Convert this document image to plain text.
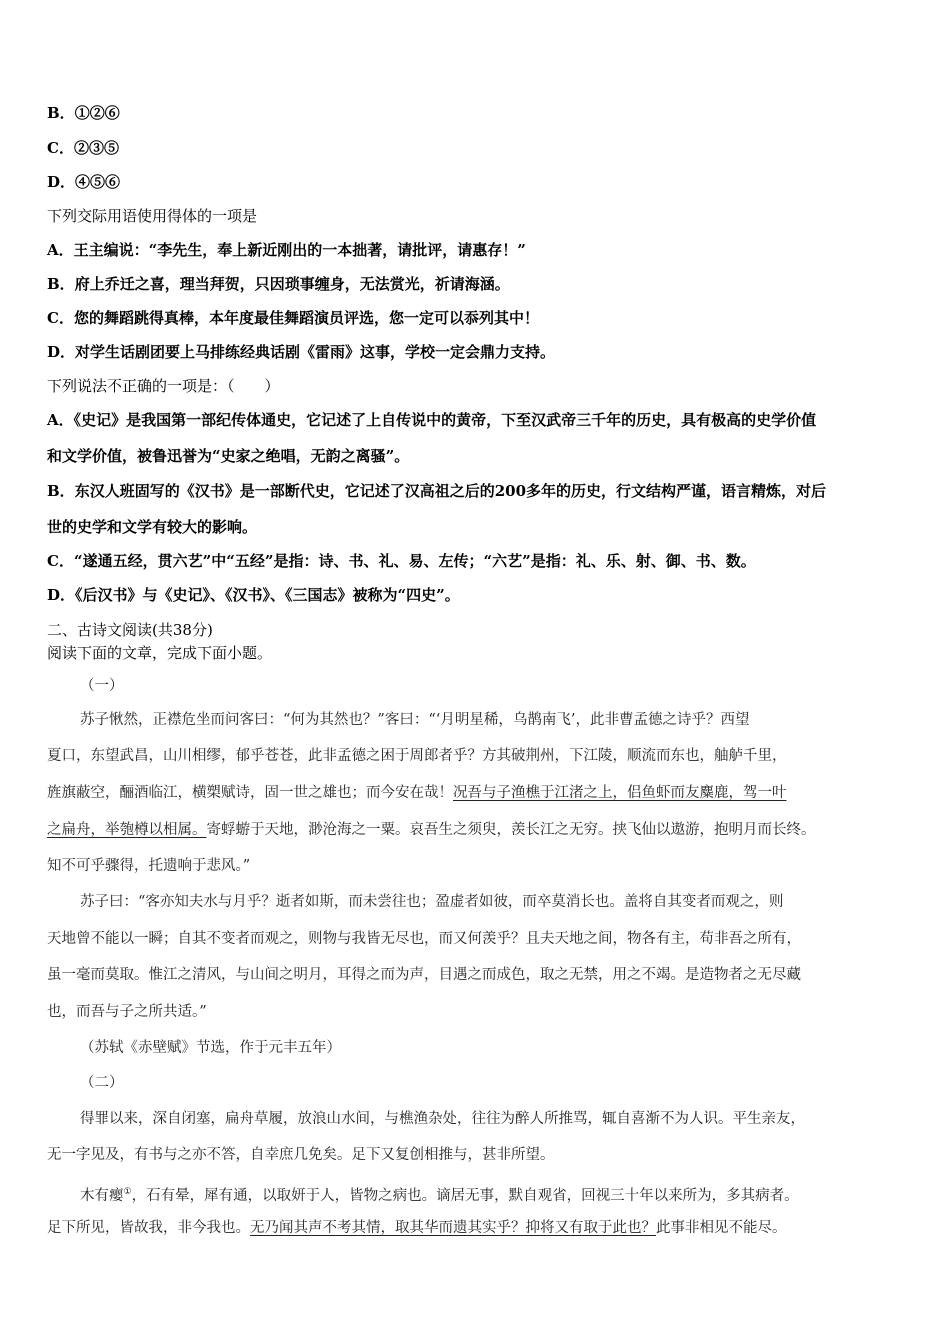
B．①②⑥
C．②③⑤
D．④⑤⑥
下列交际用语使用得体的一项是
A．王主编说：“李先生，奉上新近刚出的一本拙著，请批评，请惠存！”
B．府上乔迁之喜，理当拜贺，只因琐事缠身，无法赏光，祈请海涵。
C．您的舞蹈跳得真棒，本年度最佳舞蹈演员评选，您一定可以忝列其中！
D．对学生话剧团要上马排练经典话剧《雷雨》这事，学校一定会鼎力支持。
下列说法不正确的一项是：（　　）
A．《史记》是我国第一部纪传体通史，它记述了上自传说中的黄帝，下至汉武帝三千年的历史，具有极高的史学价值
和文学价值，被鲁迅誉为“史家之绝唱，无韵之离骚”。
B．东汉人班固写的《汉书》是一部断代史，它记述了汉高祖之后的200多年的历史，行文结构严谨，语言精炼，对后
世的史学和文学有较大的影响。
C．“遂通五经，贯六艺”中“五经”是指：诗、书、礼、易、左传；“六艺”是指：礼、乐、射、御、书、数。
D．《后汉书》与《史记》、《汉书》、《三国志》被称为“四史”。
二、古诗文阅读(共38分)
阅读下面的文章，完成下面小题。
（一）
苏子愀然，正襟危坐而问客曰：“何为其然也？”客曰：“‘月明星稀，乌鹊南飞’，此非曹孟德之诗乎？西望
夏口，东望武昌，山川相缪，郁乎苍苍，此非孟德之困于周郎者乎？方其破荆州，下江陵，顺流而东也，舳舻千里，
旌旗蔽空，酾酒临江，横槊赋诗，固一世之雄也；而今安在哉！况吾与子渔樵于江渚之上，侣鱼虾而友麋鹿，驾一叶
之扁舟，举匏樽以相属。寄蜉蝣于天地，渺沧海之一粟。哀吾生之须臾，羡长江之无穷。挟飞仙以遨游，抱明月而长终。
知不可乎骤得，托遗响于悲风。”
苏子曰：“客亦知夫水与月乎？逝者如斯，而未尝往也；盈虚者如彼，而卒莫消长也。盖将自其变者而观之，则
天地曾不能以一瞬；自其不变者而观之，则物与我皆无尽也，而又何羡乎？且夫天地之间，物各有主，苟非吾之所有，
虽一毫而莫取。惟江之清风，与山间之明月，耳得之而为声，目遇之而成色，取之无禁，用之不竭。是造物者之无尽藏
也，而吾与子之所共适。”
（苏轼《赤壁赋》节选，作于元丰五年）
（二）
得罪以来，深自闭塞，扁舟草履，放浪山水间，与樵渔杂处，往往为醉人所推骂，辄自喜渐不为人识。平生亲友，
无一字见及，有书与之亦不答，自幸庶几免矣。足下又复创相推与，甚非所望。
木有瘿①，石有晕，犀有通，以取妍于人，皆物之病也。谪居无事，默自观省，回视三十年以来所为，多其病者。
足下所见，皆故我，非今我也。无乃闻其声不考其情，取其华而遗其实乎？抑将又有取于此也？此事非相见不能尽。
